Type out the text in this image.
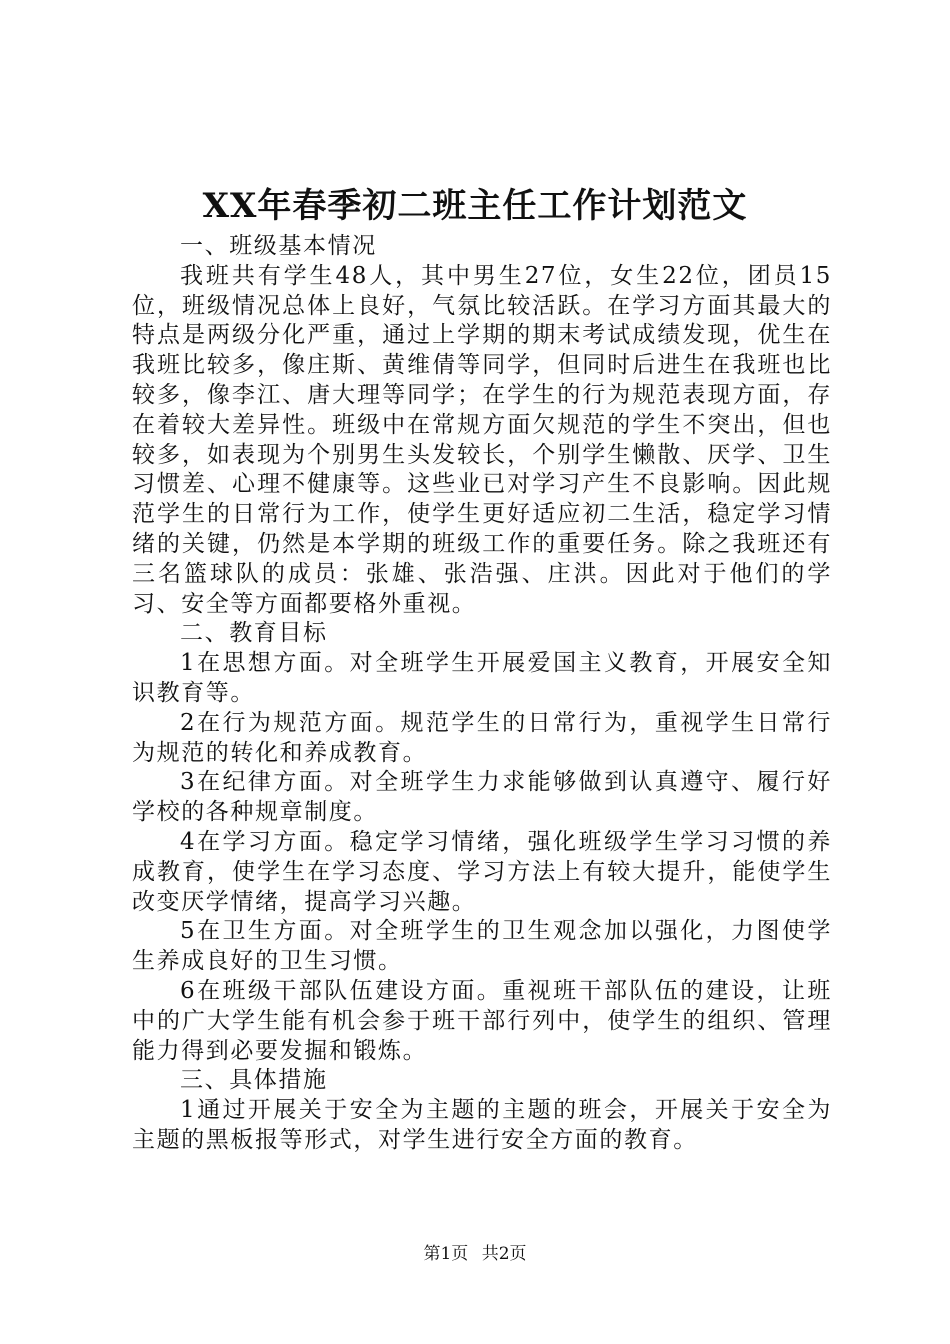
XX年春季初二班主任工作计划范文

一、班级基本情况

我班共有学生48人，其中男生27位，女生22位，团员15位，班级情况总体上良好，气氛比较活跃。在学习方面其最大的特点是两级分化严重，通过上学期的期末考试成绩发现，优生在我班比较多，像庄斯、黄维倩等同学，但同时后进生在我班也比较多，像李江、唐大理等同学；在学生的行为规范表现方面，存在着较大差异性。班级中在常规方面欠规范的学生不突出，但也较多，如表现为个别男生头发较长，个别学生懒散、厌学、卫生习惯差、心理不健康等。这些业已对学习产生不良影响。因此规范学生的日常行为工作，使学生更好适应初二生活，稳定学习情绪的关键，仍然是本学期的班级工作的重要任务。除之我班还有三名篮球队的成员：张雄、张浩强、庄洪。因此对于他们的学习、安全等方面都要格外重视。

二、教育目标

1在思想方面。对全班学生开展爱国主义教育，开展安全知识教育等。

2在行为规范方面。规范学生的日常行为，重视学生日常行为规范的转化和养成教育。

3在纪律方面。对全班学生力求能够做到认真遵守、履行好学校的各种规章制度。

4在学习方面。稳定学习情绪，强化班级学生学习习惯的养成教育，使学生在学习态度、学习方法上有较大提升，能使学生改变厌学情绪，提高学习兴趣。

5在卫生方面。对全班学生的卫生观念加以强化，力图使学生养成良好的卫生习惯。

6在班级干部队伍建设方面。重视班干部队伍的建设，让班中的广大学生能有机会参于班干部行列中，使学生的组织、管理能力得到必要发掘和锻炼。

三、具体措施

1通过开展关于安全为主题的主题的班会，开展关于安全为主题的黑板报等形式，对学生进行安全方面的教育。

第1页 共2页
